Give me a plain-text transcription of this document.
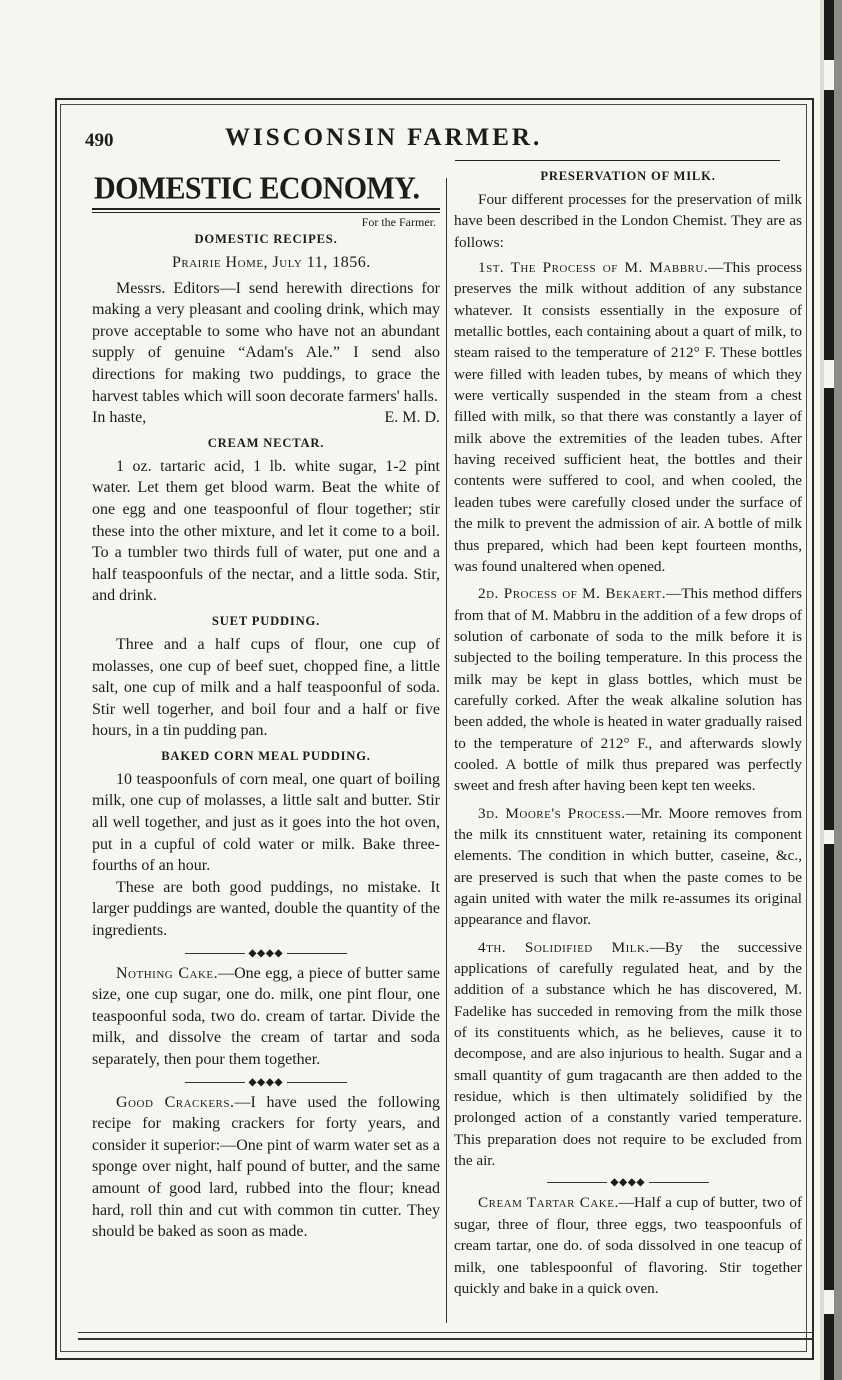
490	WISCONSIN FARMER.
DOMESTIC ECONOMY.
For the Farmer.
DOMESTIC RECIPES.

Prairie Home, July 11, 1856.

Messrs. Editors—I send herewith directions for making a very pleasant and cooling drink, which may prove acceptable to some who have not an abundant supply of genuine “Adam's Ale.” I send also directions for making two puddings, to grace the harvest tables which will soon decorate farmers' halls.

In haste,	E. M. D.

CREAM NECTAR.

1 oz. tartaric acid, 1 lb. white sugar, 1-2 pint water. Let them get blood warm. Beat the white of one egg and one teaspoonful of flour together; stir these into the other mixture, and let it come to a boil. To a tumbler two thirds full of water, put one and a half teaspoonfuls of the nectar, and a little soda. Stir, and drink.

SUET PUDDING.

Three and a half cups of flour, one cup of molasses, one cup of beef suet, chopped fine, a little salt, one cup of milk and a half teaspoonful of soda. Stir well togerher, and boil four and a half or five hours, in a tin pudding pan.

BAKED CORN MEAL PUDDING.

10 teaspoonfuls of corn meal, one quart of boiling milk, one cup of molasses, a little salt and butter. Stir all well together, and just as it goes into the hot oven, put in a cupful of cold water or milk. Bake three-fourths of an hour.

These are both good puddings, no mistake. It larger puddings are wanted, double the quantity of the ingredients.

◆◆◆◆

Nothing Cake.—One egg, a piece of butter same size, one cup sugar, one do. milk, one pint flour, one teaspoonful soda, two do. cream of tartar. Divide the milk, and dissolve the cream of tartar and soda separately, then pour them together.

◆◆◆◆

Good Crackers.—I have used the following recipe for making crackers for forty years, and consider it superior:—One pint of warm water set as a sponge over night, half pound of butter, and the same amount of good lard, rubbed into the flour; knead hard, roll thin and cut with common tin cutter. They should be baked as soon as made.

PRESERVATION OF MILK.

Four different processes for the preservation of milk have been described in the London Chemist. They are as follows:

1st. The Process of M. Mabbru.—This process preserves the milk without addition of any substance whatever. It consists essentially in the exposure of metallic bottles, each containing about a quart of milk, to steam raised to the temperature of 212° F. These bottles were filled with leaden tubes, by means of which they were vertically suspended in the steam from a chest filled with milk, so that there was constantly a layer of milk above the extremities of the leaden tubes. After having received sufficient heat, the bottles and their contents were suffered to cool, and when cooled, the leaden tubes were carefully closed under the surface of the milk to prevent the admission of air. A bottle of milk thus prepared, which had been kept fourteen months, was found unaltered when opened.

2d. Process of M. Bekaert.—This method differs from that of M. Mabbru in the addition of a few drops of solution of carbonate of soda to the milk before it is subjected to the boiling temperature. In this process the milk may be kept in glass bottles, which must be carefully corked. After the weak alkaline solution has been added, the whole is heated in water gradually raised to the temperature of 212° F., and afterwards slowly cooled. A bottle of milk thus prepared was perfectly sweet and fresh after having been kept ten weeks.

3d. Moore's Process.—Mr. Moore removes from the milk its cnnstituent water, retaining its component elements. The condition in which butter, caseine, &c., are preserved is such that when the paste comes to be again united with water the milk re-assumes its original appearance and flavor.

4th. Solidified Milk.—By the successive applications of carefully regulated heat, and by the addition of a substance which he has discovered, M. Fadelike has succeded in removing from the milk those of its constituents which, as he believes, cause it to decompose, and are also injurious to health. Sugar and a small quantity of gum tragacanth are then added to the residue, which is then ultimately solidified by the prolonged action of a constantly varied temperature. This preparation does not require to be excluded from the air.

◆◆◆◆

Cream Tartar Cake.—Half a cup of butter, two of sugar, three of flour, three eggs, two teaspoonfuls of cream tartar, one do. of soda dissolved in one teacup of milk, one tablespoonful of flavoring. Stir together quickly and bake in a quick oven.
